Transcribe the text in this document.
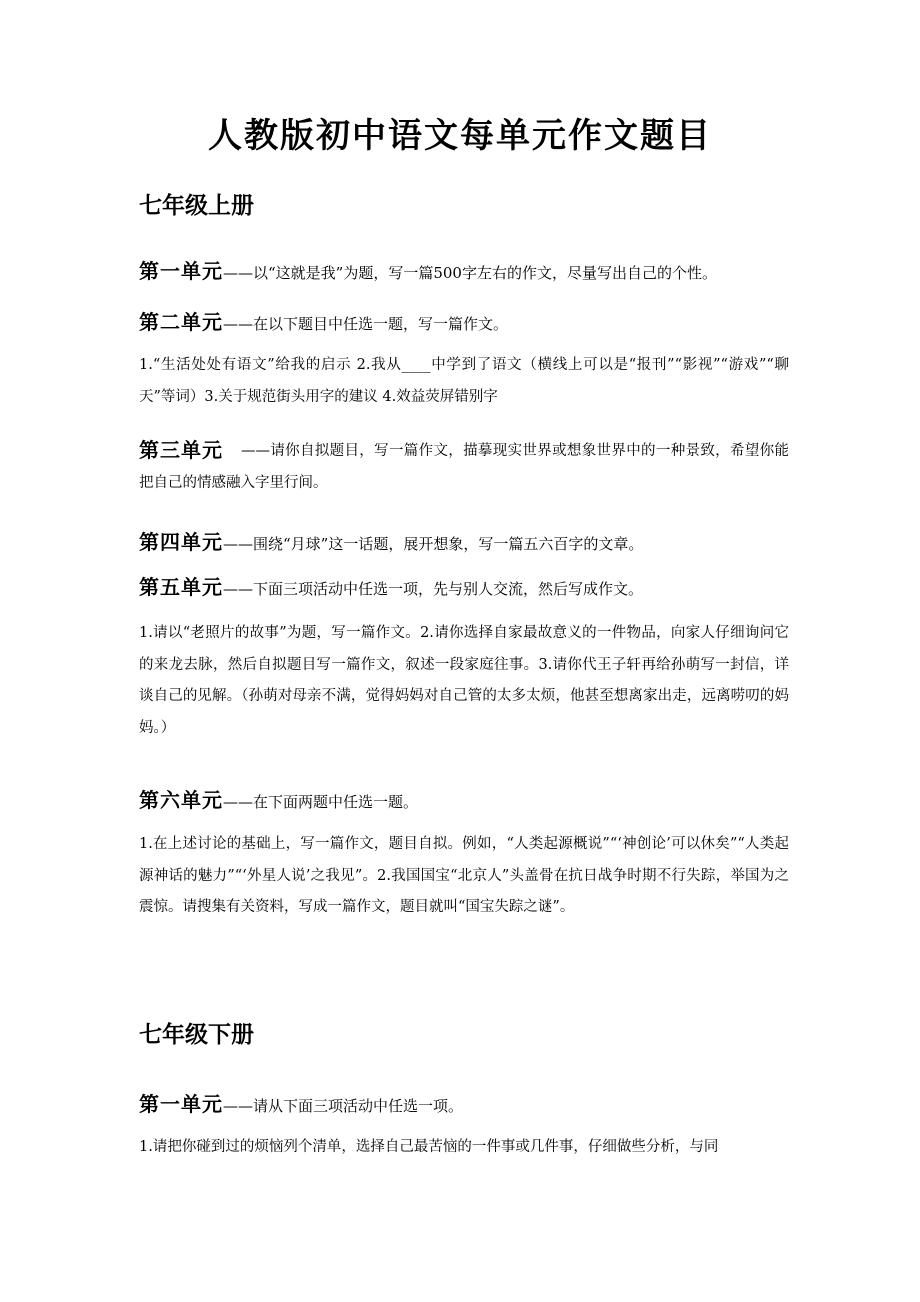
人教版初中语文每单元作文题目
七年级上册

第一单元——以“这就是我”为题，写一篇500字左右的作文，尽量写出自己的个性。

第二单元——在以下题目中任选一题，写一篇作文。

1.“生活处处有语文”给我的启示 2.我从____中学到了语文（横线上可以是“报刊”“影视”“游戏”“聊天”等词）3.关于规范街头用字的建议 4.效益荧屏错别字

第三单元	——请你自拟题目，写一篇作文，描摹现实世界或想象世界中的一种景致，希望你能把自己的情感融入字里行间。

第四单元——围绕“月球”这一话题，展开想象，写一篇五六百字的文章。

第五单元——下面三项活动中任选一项，先与别人交流，然后写成作文。

1.请以“老照片的故事”为题，写一篇作文。2.请你选择自家最故意义的一件物品，向家人仔细询问它的来龙去脉，然后自拟题目写一篇作文，叙述一段家庭往事。3.请你代王子轩再给孙萌写一封信，详谈自己的见解。（孙萌对母亲不满，觉得妈妈对自己管的太多太烦，他甚至想离家出走，远离唠叨的妈妈。）

第六单元——在下面两题中任选一题。

1.在上述讨论的基础上，写一篇作文，题目自拟。例如，“人类起源概说”“‘神创论’可以休矣”“人类起源神话的魅力”“‘外星人说’之我见”。2.我国国宝“北京人”头盖骨在抗日战争时期不行失踪，举国为之震惊。请搜集有关资料，写成一篇作文，题目就叫“国宝失踪之谜”。

七年级下册

第一单元——请从下面三项活动中任选一项。

1.请把你碰到过的烦恼列个清单，选择自己最苦恼的一件事或几件事，仔细做些分析，与同
